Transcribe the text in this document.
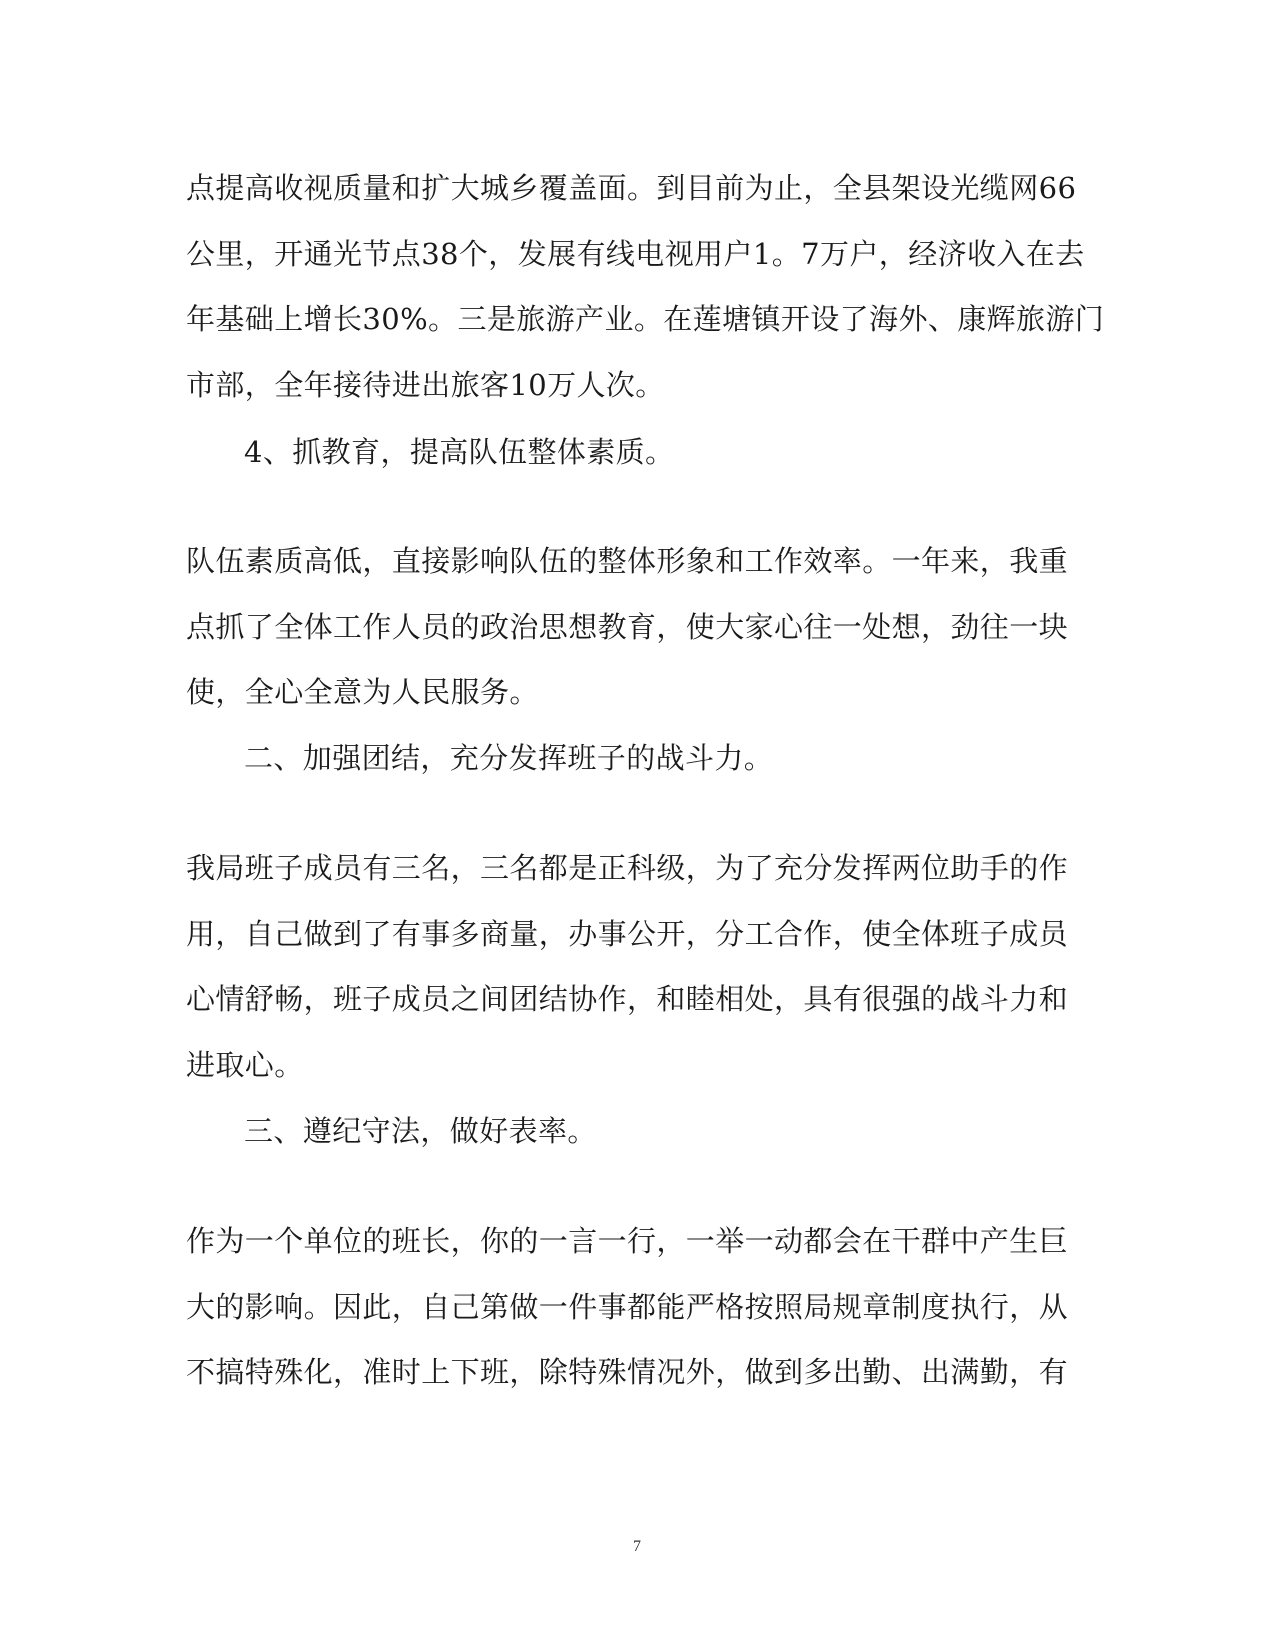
点提高收视质量和扩大城乡覆盖面。到目前为止，全县架设光缆网66
公里，开通光节点38个，发展有线电视用户1。7万户，经济收入在去
年基础上增长30%。三是旅游产业。在莲塘镇开设了海外、康辉旅游门
市部，全年接待进出旅客10万人次。
4、抓教育，提高队伍整体素质。
队伍素质高低，直接影响队伍的整体形象和工作效率。一年来，我重
点抓了全体工作人员的政治思想教育，使大家心往一处想，劲往一块
使，全心全意为人民服务。
二、加强团结，充分发挥班子的战斗力。
我局班子成员有三名，三名都是正科级，为了充分发挥两位助手的作
用，自己做到了有事多商量，办事公开，分工合作，使全体班子成员
心情舒畅，班子成员之间团结协作，和睦相处，具有很强的战斗力和
进取心。
三、遵纪守法，做好表率。
作为一个单位的班长，你的一言一行，一举一动都会在干群中产生巨
大的影响。因此，自己第做一件事都能严格按照局规章制度执行，从
不搞特殊化，准时上下班，除特殊情况外，做到多出勤、出满勤，有
7
